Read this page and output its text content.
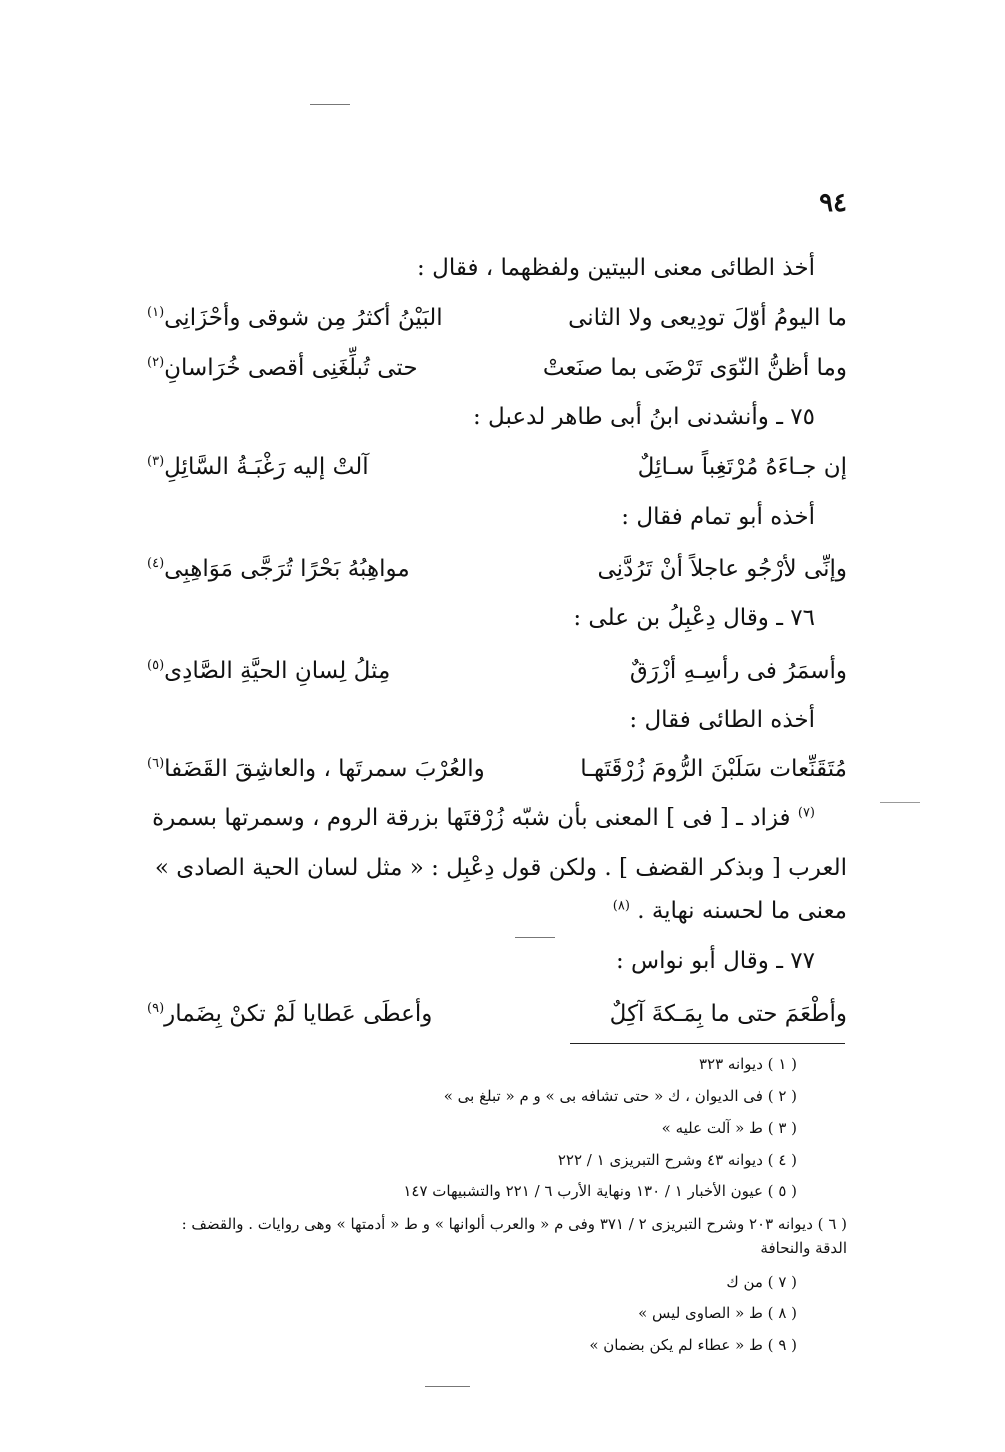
٩٤
أخذ الطائى معنى البيتين ولفظهما ، فقال :
ما اليومُ أوّلَ تودِيعى ولا الثانى
البَيْنُ أكثرُ مِن شوقى وأحْزَانِى$^{(١)}$
وما أظنُّ النّوَى تَرْضَى بما صنَعتْ
حتى تُبلِّغَنِى أقصى خُرَاسانِ$^{(٢)}$
٧٥ ـ وأنشدنى ابنُ أبى طاهر لدعبل :
إن جـاءَهُ مُرْتَغِباً سـائِلٌ
آلتْ إليه رَغْبَـةُ السَّائِلِ$^{(٣)}$
أخذه أبو تمام فقال :
وإنِّى لأرْجُو عاجلاً أنْ تَرُدَّنِى
مواهِبُهُ بَحْرًا تُرَجَّى مَوَاهِبِى$^{(٤)}$
٧٦ ـ وقال دِعْبِلُ بن على :
وأسمَرُ فى رأسِـهِ أزْرَقٌ
مِثلُ لِسانِ الحيَّةِ الصَّادِى$^{(٥)}$
أخذه الطائى فقال :
مُتَقَنِّعات سَلَبْنَ الرُّومَ زُرْقَتَهـا
والعُرْبَ سمرتَها ، والعاشِقَ القَضَفا$^{(٦)}$
$^{(٧)}$ فزاد ـ [ فى ] المعنى بأن شبّه زُرْقتَها بزرقة الروم ، وسمرتها بسمرة
العرب [ وبذكر القضف ] . ولكن قول دِعْبِل : « مثل لسان الحية الصادى »
معنى ما لحسنه نهاية . $^{(٨)}$
٧٧ ـ وقال أبو نواس :
وأطْعَمَ حتى ما بِمَـكةَ آكِلٌ
وأعطَى عَطايا لَمْ تكنْ بِضَمار$^{(٩)}$
( ١ ) ديوانه ٣٢٣
( ٢ ) فى الديوان ، ك « حتى تشافه بى » و م « تبلغ بى »
( ٣ ) ط « آلت عليه »
( ٤ ) ديوانه ٤٣ وشرح التبريزى ١ / ٢٢٢
( ٥ ) عيون الأخبار ١ / ١٣٠ ونهاية الأرب ٦ / ٢٢١ والتشبيهات ١٤٧
( ٦ ) ديوانه ٢٠٣ وشرح التبريزى ٢ / ٣٧١ وفى م « والعرب ألوانها » و ط « أدمتها » وهى روايات . والقضف : الدقة والنحافة
( ٧ ) من ك
( ٨ ) ط « الصاوى ليس »
( ٩ ) ط « عطاء لم يكن بضمان »
